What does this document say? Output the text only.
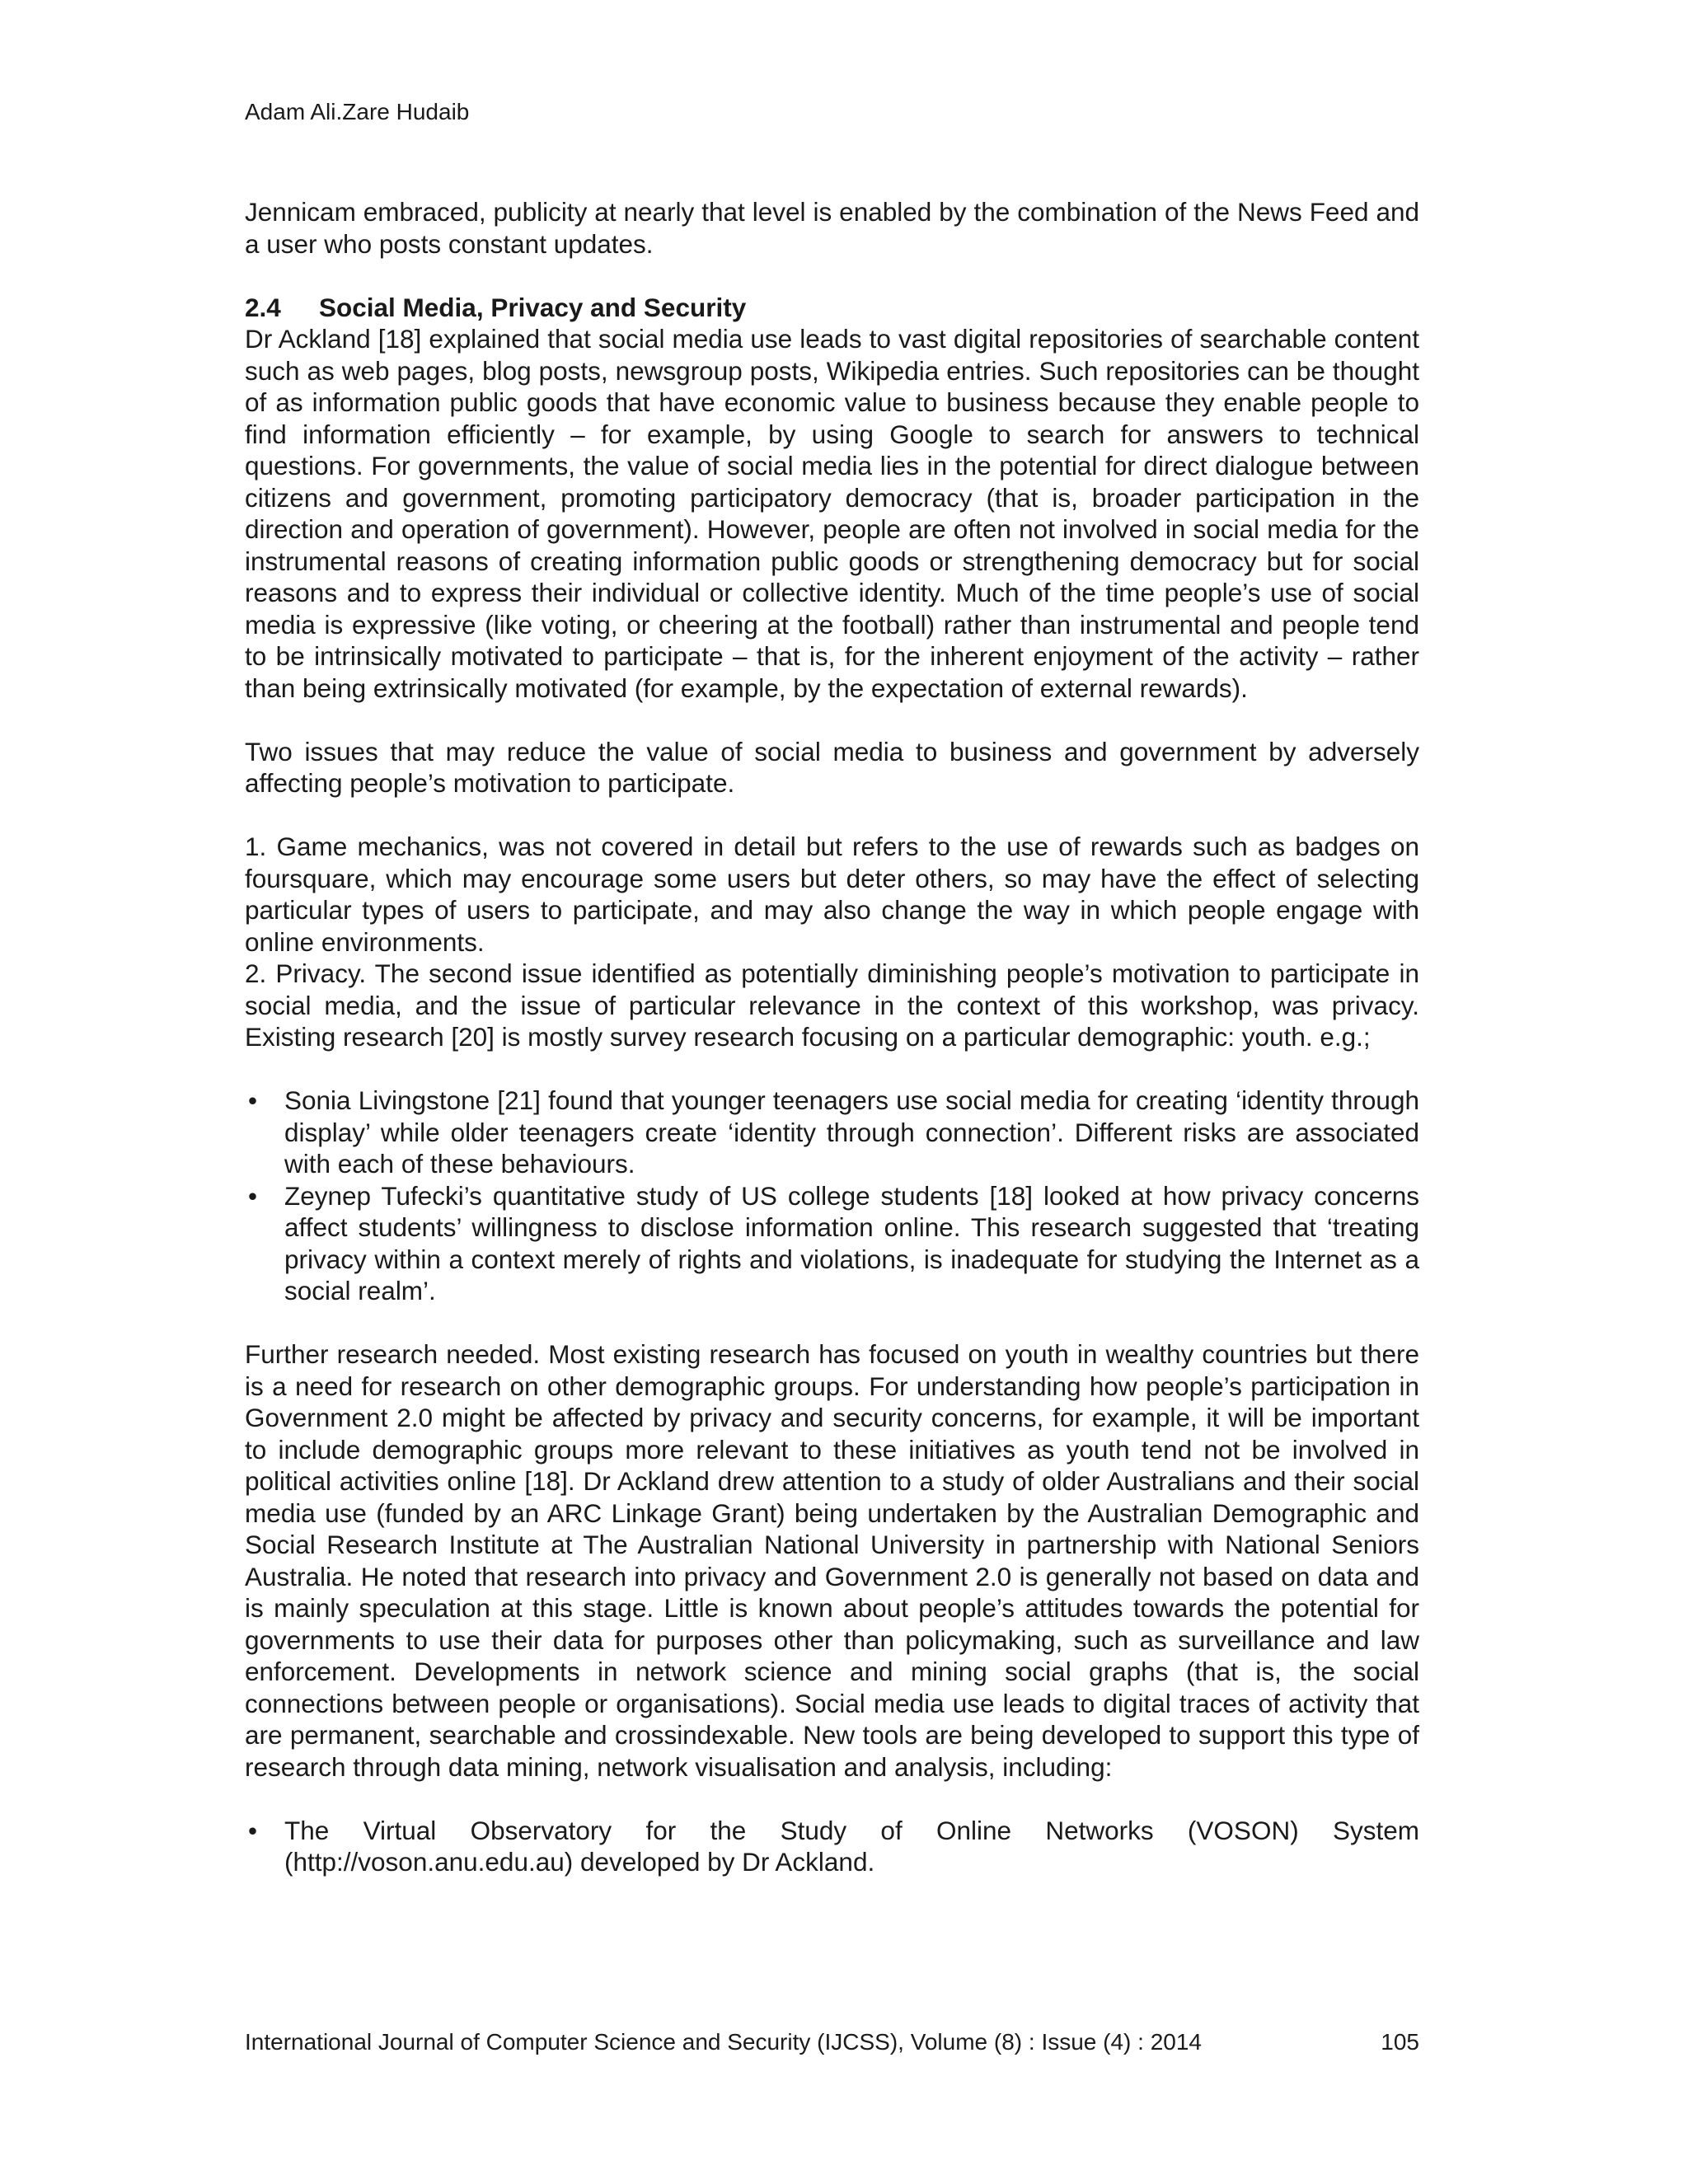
Adam Ali.Zare Hudaib

Jennicam embraced, publicity at nearly that level is enabled by the combination of the News Feed and a user who posts constant updates.

2.4 Social Media, Privacy and Security

Dr Ackland [18] explained that social media use leads to vast digital repositories of searchable content such as web pages, blog posts, newsgroup posts, Wikipedia entries. Such repositories can be thought of as information public goods that have economic value to business because they enable people to find information efficiently – for example, by using Google to search for answers to technical questions. For governments, the value of social media lies in the potential for direct dialogue between citizens and government, promoting participatory democracy (that is, broader participation in the direction and operation of government). However, people are often not involved in social media for the instrumental reasons of creating information public goods or strengthening democracy but for social reasons and to express their individual or collective identity. Much of the time people’s use of social media is expressive (like voting, or cheering at the football) rather than instrumental and people tend to be intrinsically motivated to participate – that is, for the inherent enjoyment of the activity – rather than being extrinsically motivated (for example, by the expectation of external rewards).

Two issues that may reduce the value of social media to business and government by adversely affecting people’s motivation to participate.

1. Game mechanics, was not covered in detail but refers to the use of rewards such as badges on foursquare, which may encourage some users but deter others, so may have the effect of selecting particular types of users to participate, and may also change the way in which people engage with online environments.

2. Privacy. The second issue identified as potentially diminishing people’s motivation to participate in social media, and the issue of particular relevance in the context of this workshop, was privacy. Existing research [20] is mostly survey research focusing on a particular demographic: youth. e.g.;

• Sonia Livingstone [21] found that younger teenagers use social media for creating ‘identity through display’ while older teenagers create ‘identity through connection’. Different risks are associated with each of these behaviours.
• Zeynep Tufecki’s quantitative study of US college students [18] looked at how privacy concerns affect students’ willingness to disclose information online. This research suggested that ‘treating privacy within a context merely of rights and violations, is inadequate for studying the Internet as a social realm’.

Further research needed. Most existing research has focused on youth in wealthy countries but there is a need for research on other demographic groups. For understanding how people’s participation in Government 2.0 might be affected by privacy and security concerns, for example, it will be important to include demographic groups more relevant to these initiatives as youth tend not be involved in political activities online [18]. Dr Ackland drew attention to a study of older Australians and their social media use (funded by an ARC Linkage Grant) being undertaken by the Australian Demographic and Social Research Institute at The Australian National University in partnership with National Seniors Australia. He noted that research into privacy and Government 2.0 is generally not based on data and is mainly speculation at this stage. Little is known about people’s attitudes towards the potential for governments to use their data for purposes other than policymaking, such as surveillance and law enforcement. Developments in network science and mining social graphs (that is, the social connections between people or organisations). Social media use leads to digital traces of activity that are permanent, searchable and crossindexable. New tools are being developed to support this type of research through data mining, network visualisation and analysis, including:

• The Virtual Observatory for the Study of Online Networks (VOSON) System (http://voson.anu.edu.au) developed by Dr Ackland.
International Journal of Computer Science and Security (IJCSS), Volume (8) : Issue (4) : 2014	105
